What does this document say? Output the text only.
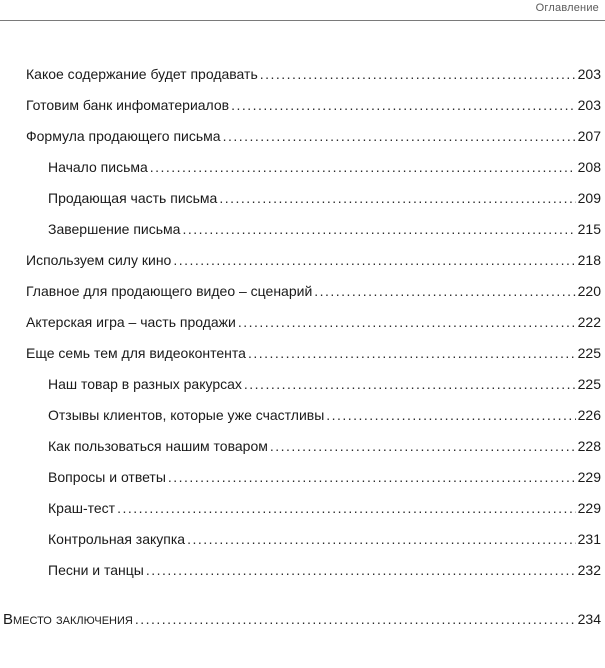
Оглавление
Какое содержание будет продавать . . .	203
Готовим банк инфоматериалов . . .	203
Формула продающего письма . . .	207
Начало письма . . .	208
Продающая часть письма . . .	209
Завершение письма . . .	215
Используем силу кино . . .	218
Главное для продающего видео – сценарий . . .	220
Актерская игра – часть продажи . . .	222
Еще семь тем для видеоконтента . . .	225
Наш товар в разных ракурсах . . .	225
Отзывы клиентов, которые уже счастливы . . .	226
Как пользоваться нашим товаром . . .	228
Вопросы и ответы . . .	229
Краш-тест . . .	229
Контрольная закупка . . .	231
Песни и танцы . . .	232
Вместо заключения . . .	234
